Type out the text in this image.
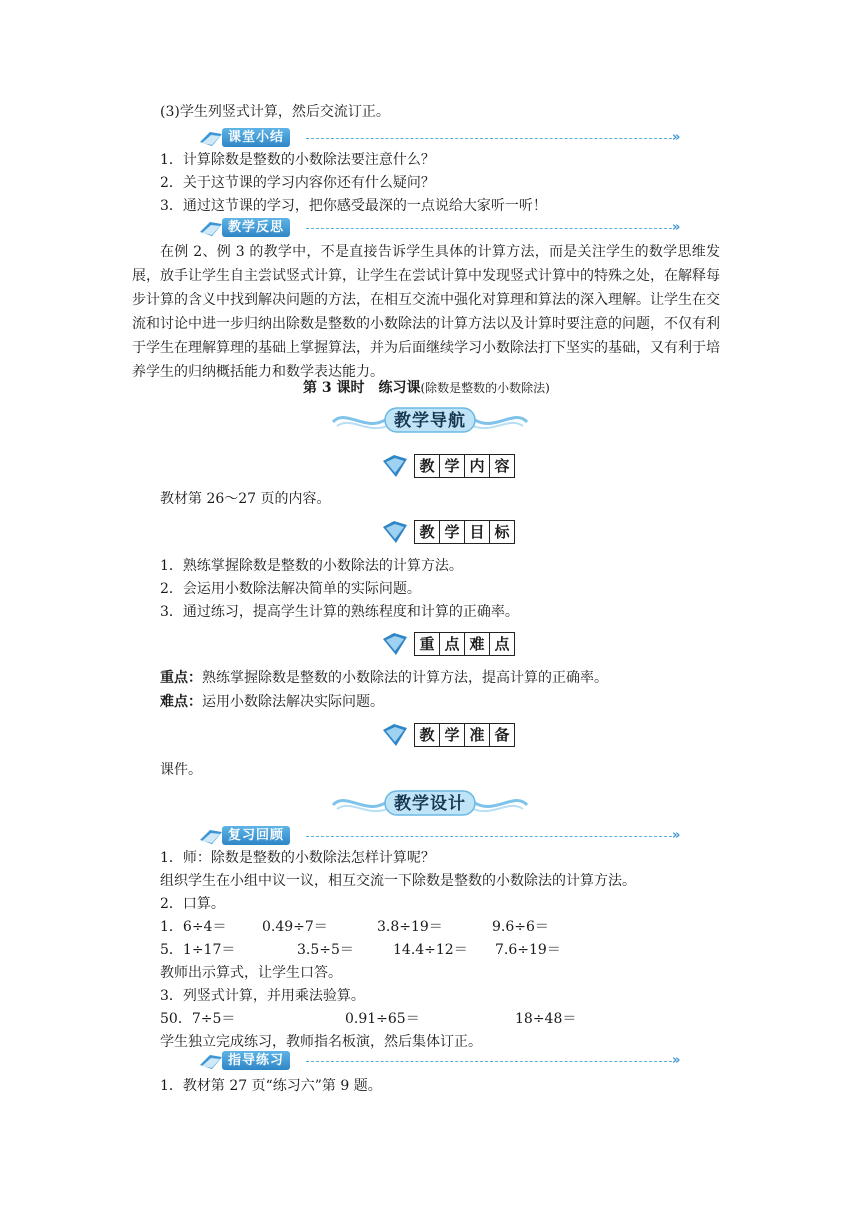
(3)学生列竖式计算，然后交流订正。
课堂小结	»
1．计算除数是整数的小数除法要注意什么？
2．关于这节课的学习内容你还有什么疑问？
3．通过这节课的学习，把你感受最深的一点说给大家听一听！
教学反思	»

在例 2、例 3 的教学中，不是直接告诉学生具体的计算方法，而是关注学生的数学思维发展，放手让学生自主尝试竖式计算，让学生在尝试计算中发现竖式计算中的特殊之处，在解释每步计算的含义中找到解决问题的方法，在相互交流中强化对算理和算法的深入理解。让学生在交流和讨论中进一步归纳出除数是整数的小数除法的计算方法以及计算时要注意的问题，不仅有利于学生在理解算理的基础上掌握算法，并为后面继续学习小数除法打下坚实的基础，又有利于培养学生的归纳概括能力和数学表达能力。

第 3 课时　练习课(除数是整数的小数除法)
教学导航
教 学 内 容
教材第 26～27 页的内容。
教 学 目 标
1．熟练掌握除数是整数的小数除法的计算方法。
2．会运用小数除法解决简单的实际问题。
3．通过练习，提高学生计算的熟练程度和计算的正确率。
重 点 难 点
重点：熟练掌握除数是整数的小数除法的计算方法，提高计算的正确率。
难点：运用小数除法解决实际问题。
教 学 准 备
课件。
教学设计
复习回顾	»
1．师：除数是整数的小数除法怎样计算呢？
组织学生在小组中议一议，相互交流一下除数是整数的小数除法的计算方法。
2．口算。
1．6÷4＝	0.49÷7＝	3.8÷19＝	9.6÷6＝
5．1÷17＝	3.5÷5＝	14.4÷12＝ 7.6÷19＝
教师出示算式，让学生口答。
3．列竖式计算，并用乘法验算。
50．7÷5＝	0.91÷65＝	18÷48＝
学生独立完成练习，教师指名板演，然后集体订正。
指导练习	»
1．教材第 27 页“练习六”第 9 题。
